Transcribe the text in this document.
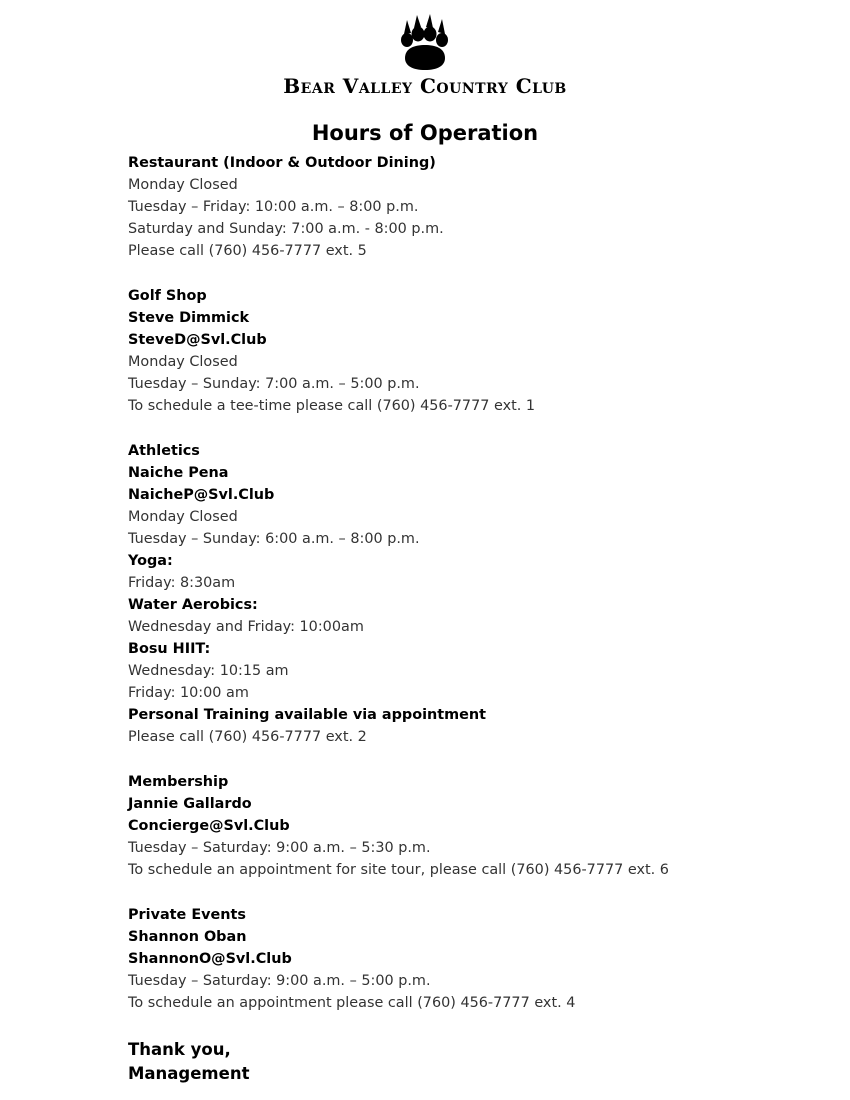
Bear Valley Country Club
Hours of Operation
Restaurant (Indoor & Outdoor Dining)
Monday Closed
Tuesday – Friday: 10:00 a.m. – 8:00 p.m.
Saturday and Sunday: 7:00 a.m. - 8:00 p.m.
Please call (760) 456-7777 ext. 5
Golf Shop
Steve Dimmick
SteveD@Svl.Club
Monday Closed
Tuesday – Sunday: 7:00 a.m. – 5:00 p.m.
To schedule a tee-time please call (760) 456-7777 ext. 1
Athletics
Naiche Pena
NaicheP@Svl.Club
Monday Closed
Tuesday – Sunday: 6:00 a.m. – 8:00 p.m.
Yoga:
Friday: 8:30am
Water Aerobics:
Wednesday and Friday: 10:00am
Bosu HIIT:
Wednesday: 10:15 am
Friday: 10:00 am
Personal Training available via appointment
Please call (760) 456-7777 ext. 2
Membership
Jannie Gallardo
Concierge@Svl.Club
Tuesday – Saturday: 9:00 a.m. – 5:30 p.m.
To schedule an appointment for site tour, please call (760) 456-7777 ext. 6
Private Events
Shannon Oban
ShannonO@Svl.Club
Tuesday – Saturday: 9:00 a.m. – 5:00 p.m.
To schedule an appointment please call (760) 456-7777 ext. 4
Thank you,
Management
